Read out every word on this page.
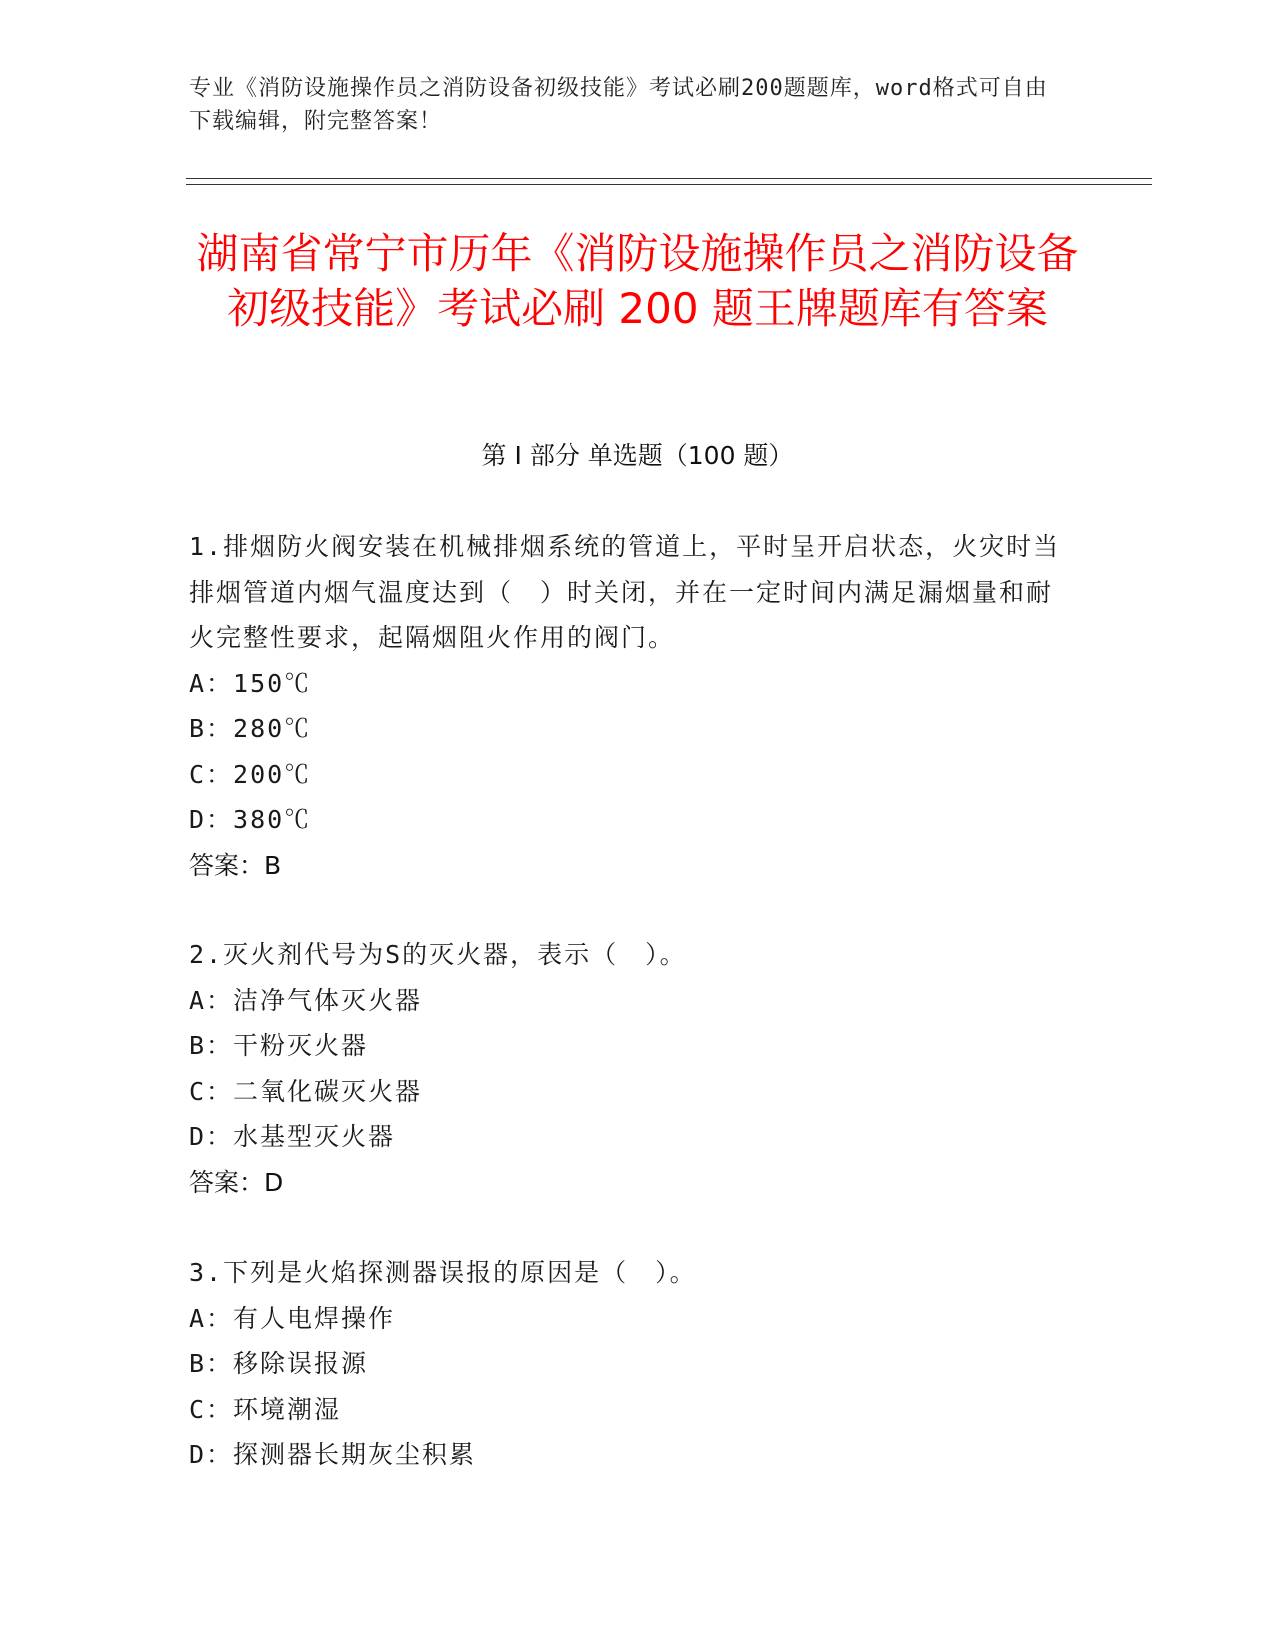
专业《消防设施操作员之消防设备初级技能》考试必刷200题题库，word格式可自由下载编辑，附完整答案！
湖南省常宁市历年《消防设施操作员之消防设备初级技能》考试必刷 200 题王牌题库有答案
第 I 部分 单选题（100 题）
1.排烟防火阀安装在机械排烟系统的管道上，平时呈开启状态，火灾时当排烟管道内烟气温度达到（　）时关闭，并在一定时间内满足漏烟量和耐火完整性要求，起隔烟阻火作用的阀门。
A：150℃
B：280℃
C：200℃
D：380℃
答案：B
2.灭火剂代号为S的灭火器，表示（　）。
A：洁净气体灭火器
B：干粉灭火器
C：二氧化碳灭火器
D：水基型灭火器
答案：D
3.下列是火焰探测器误报的原因是（　）。
A：有人电焊操作
B：移除误报源
C：环境潮湿
D：探测器长期灰尘积累
